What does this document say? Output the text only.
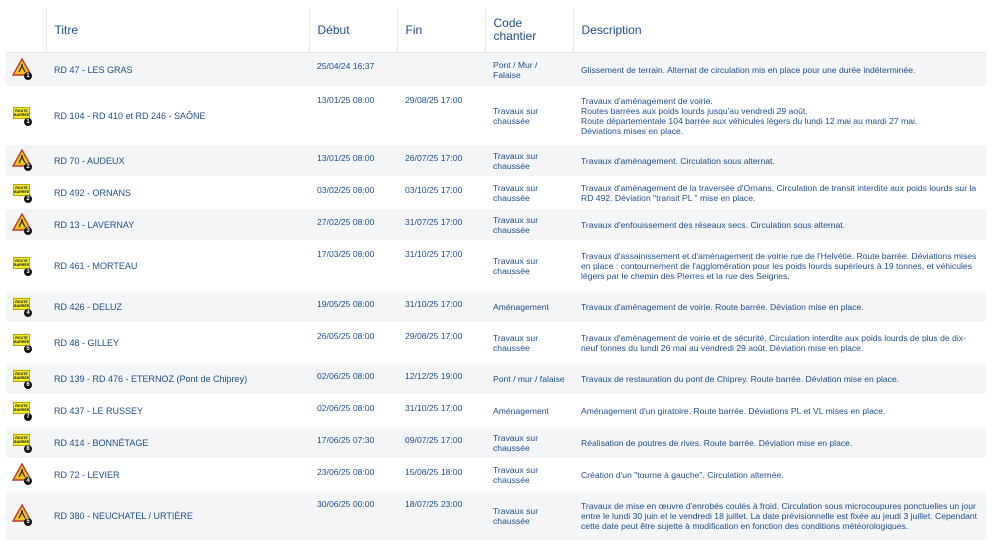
	Titre	Début	Fin	Code chantier	Description

1	RD 47 - LES GRAS	25/04/24 16:37		Pont / Mur / Falaise	Glissement de terrain. Alternat de circulation mis en place pour une durée indéterminée.

ROUTE BARRÉE
1	RD 104 - RD 410 et RD 246 - SAÔNE	13/01/25 08:00	29/08/25 17:00	Travaux sur chaussée	Travaux d'aménagement de voirie.
Routes barrées aux poids lourds jusqu'au vendredi 29 août.
Route départementale 104 barrée aux véhicules légers du lundi 12 mai au mardi 27 mai.
Déviations mises en place.

2	RD 70 - AUDEUX	13/01/25 08:00	26/07/25 17:00	Travaux sur chaussée	Travaux d'aménagement. Circulation sous alternat.

ROUTE BARRÉE
2	RD 492 - ORNANS	03/02/25 08:00	03/10/25 17:00	Travaux sur chaussée	Travaux d'aménagement de la traversée d'Ornans. Circulation de transit interdite aux poids lourds sur la RD 492. Déviation "transit PL " mise en place.

3	RD 13 - LAVERNAY	27/02/25 08:00	31/07/25 17:00	Travaux sur chaussée	Travaux d'enfouissement des réseaux secs. Circulation sous alternat.

ROUTE BARRÉE
3	RD 461 - MORTEAU	17/03/25 08:00	31/10/25 17:00	Travaux sur chaussée	Travaux d'assainissement et d'aménagement de voirie rue de l'Helvétie. Route barrée. Déviations mises en place : contournement de l'agglomération pour les poids lourds supérieurs à 19 tonnes, et véhicules légers par le chemin des Pierres et la rue des Seignes.

ROUTE BARRÉE
4	RD 426 - DELUZ	19/05/25 08:00	31/10/25 17:00	Aménagement	Travaux d'aménagement de voirie. Route barrée. Déviation mise en place.

ROUTE BARRÉE
5	RD 48 - GILLEY	26/05/25 08:00	29/08/25 17:00	Travaux sur chaussée	Travaux d'aménagement de voirie et de sécurité. Circulation interdite aux poids lourds de plus de dix-neuf tonnes du lundi 26 mai au vendredi 29 août. Déviation mise en place.

ROUTE BARRÉE
6	RD 139 - RD 476 - ETERNOZ (Pont de Chiprey)	02/06/25 08:00	12/12/25 19:00	Pont / mur / falaise	Travaux de restauration du pont de Chiprey. Route barrée. Déviation mise en place.

ROUTE BARRÉE
7	RD 437 - LE RUSSEY	02/06/25 08:00	31/10/25 17:00	Aménagement	Aménagement d'un giratoire. Route barrée. Déviations PL et VL mises en place.

ROUTE BARRÉE
8	RD 414 - BONNÉTAGE	17/06/25 07:30	09/07/25 17:00	Travaux sur chaussée	Réalisation de poutres de rives. Route barrée. Déviation mise en place.

4	RD 72 - LEVIER	23/06/25 08:00	15/08/25 18:00	Travaux sur chaussée	Création d'un "tourne à gauche". Circulation alternée.

5	RD 380 - NEUCHATEL / URTIÈRE	30/06/25 00:00	18/07/25 23:00	Travaux sur chaussée	Travaux de mise en œuvre d'enrobés coulés à froid. Circulation sous microcoupures ponctuelles un jour entre le lundi 30 juin et le vendredi 18 juillet. La date prévisionnelle est fixée au jeudi 3 juillet. Cependant cette date peut être sujette à modification en fonction des conditions météorologiques.
